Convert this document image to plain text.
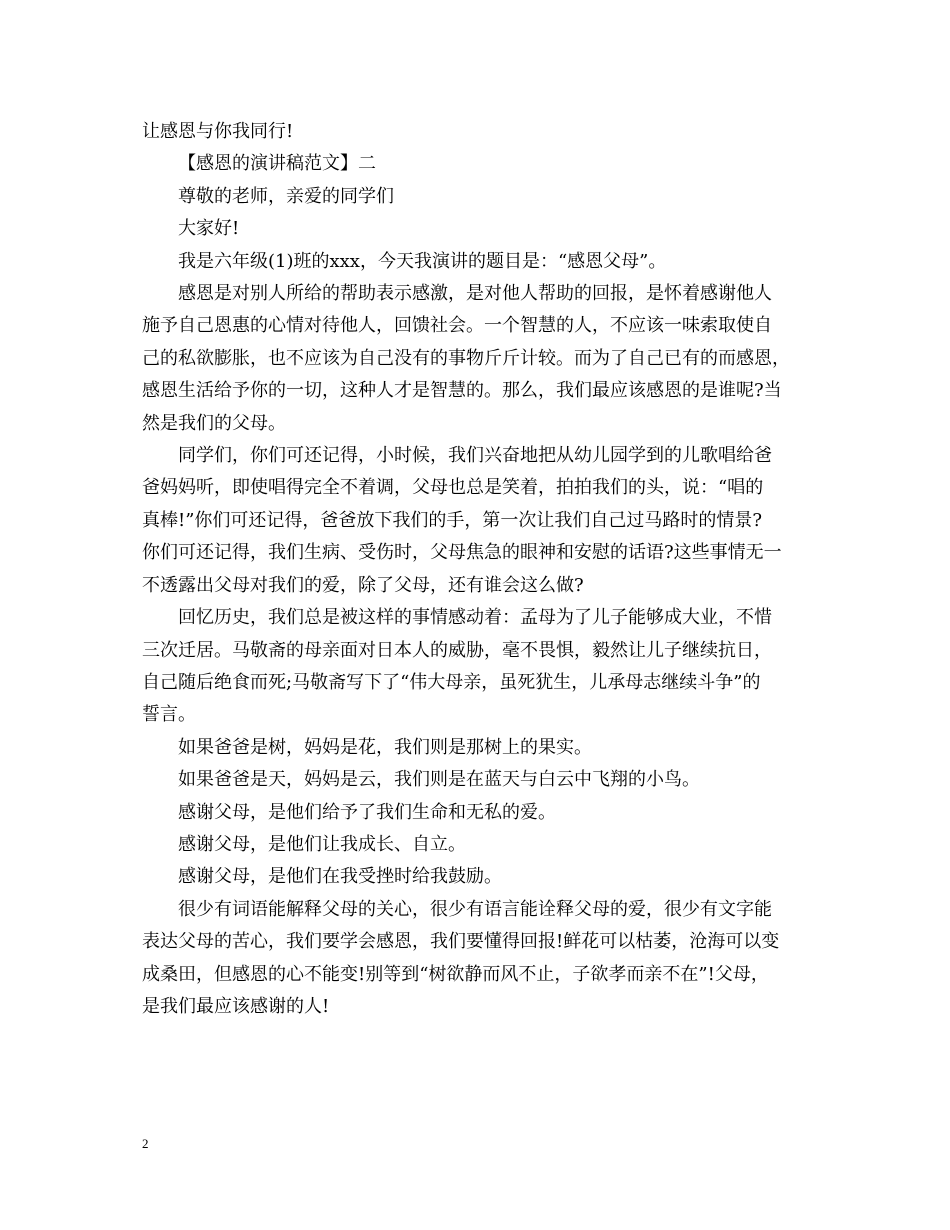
让感恩与你我同行!

【感恩的演讲稿范文】二

尊敬的老师，亲爱的同学们

大家好!

我是六年级(1)班的xxx，今天我演讲的题目是：“感恩父母”。

感恩是对别人所给的帮助表示感激，是对他人帮助的回报，是怀着感谢他人

施予自己恩惠的心情对待他人，回馈社会。一个智慧的人，不应该一味索取使自

己的私欲膨胀，也不应该为自己没有的事物斤斤计较。而为了自己已有的而感恩，

感恩生活给予你的一切，这种人才是智慧的。那么，我们最应该感恩的是谁呢?当

然是我们的父母。

同学们，你们可还记得，小时候，我们兴奋地把从幼儿园学到的儿歌唱给爸

爸妈妈听，即使唱得完全不着调，父母也总是笑着，拍拍我们的头，说：“唱的

真棒!”你们可还记得，爸爸放下我们的手，第一次让我们自己过马路时的情景?

你们可还记得，我们生病、受伤时，父母焦急的眼神和安慰的话语?这些事情无一

不透露出父母对我们的爱，除了父母，还有谁会这么做?

回忆历史，我们总是被这样的事情感动着：孟母为了儿子能够成大业，不惜

三次迁居。马敬斋的母亲面对日本人的威胁，毫不畏惧，毅然让儿子继续抗日，

自己随后绝食而死;马敬斋写下了“伟大母亲，虽死犹生，儿承母志继续斗争”的

誓言。

如果爸爸是树，妈妈是花，我们则是那树上的果实。

如果爸爸是天，妈妈是云，我们则是在蓝天与白云中飞翔的小鸟。

感谢父母，是他们给予了我们生命和无私的爱。

感谢父母，是他们让我成长、自立。

感谢父母，是他们在我受挫时给我鼓励。

很少有词语能解释父母的关心，很少有语言能诠释父母的爱，很少有文字能

表达父母的苦心，我们要学会感恩，我们要懂得回报!鲜花可以枯萎，沧海可以变

成桑田，但感恩的心不能变!别等到“树欲静而风不止，子欲孝而亲不在”!父母，

是我们最应该感谢的人!

2
